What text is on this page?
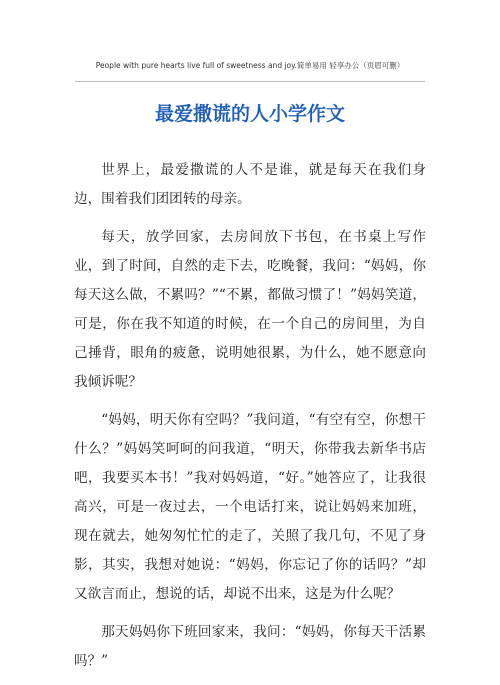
People with pure hearts live full of sweetness and joy.简单易用 轻享办公（页眉可删）
最爱撒谎的人小学作文

世界上，最爱撒谎的人不是谁，就是每天在我们身边，围着我们团团转的母亲。

每天，放学回家，去房间放下书包，在书桌上写作业，到了时间，自然的走下去，吃晚餐，我问：“妈妈，你每天这么做，不累吗？”“不累，都做习惯了！”妈妈笑道，可是，你在我不知道的时候，在一个自己的房间里，为自己捶背，眼角的疲惫，说明她很累，为什么，她不愿意向我倾诉呢？

“妈妈，明天你有空吗？”我问道，“有空有空，你想干什么？”妈妈笑呵呵的问我道，“明天，你带我去新华书店吧，我要买本书！”我对妈妈道，“好。”她答应了，让我很高兴，可是一夜过去，一个电话打来，说让妈妈来加班，现在就去，她匆匆忙忙的走了，关照了我几句，不见了身影，其实，我想对她说：“妈妈，你忘记了你的话吗？”却又欲言而止，想说的话，却说不出来，这是为什么呢？

那天妈妈你下班回家来，我问：“妈妈，你每天干活累吗？”
